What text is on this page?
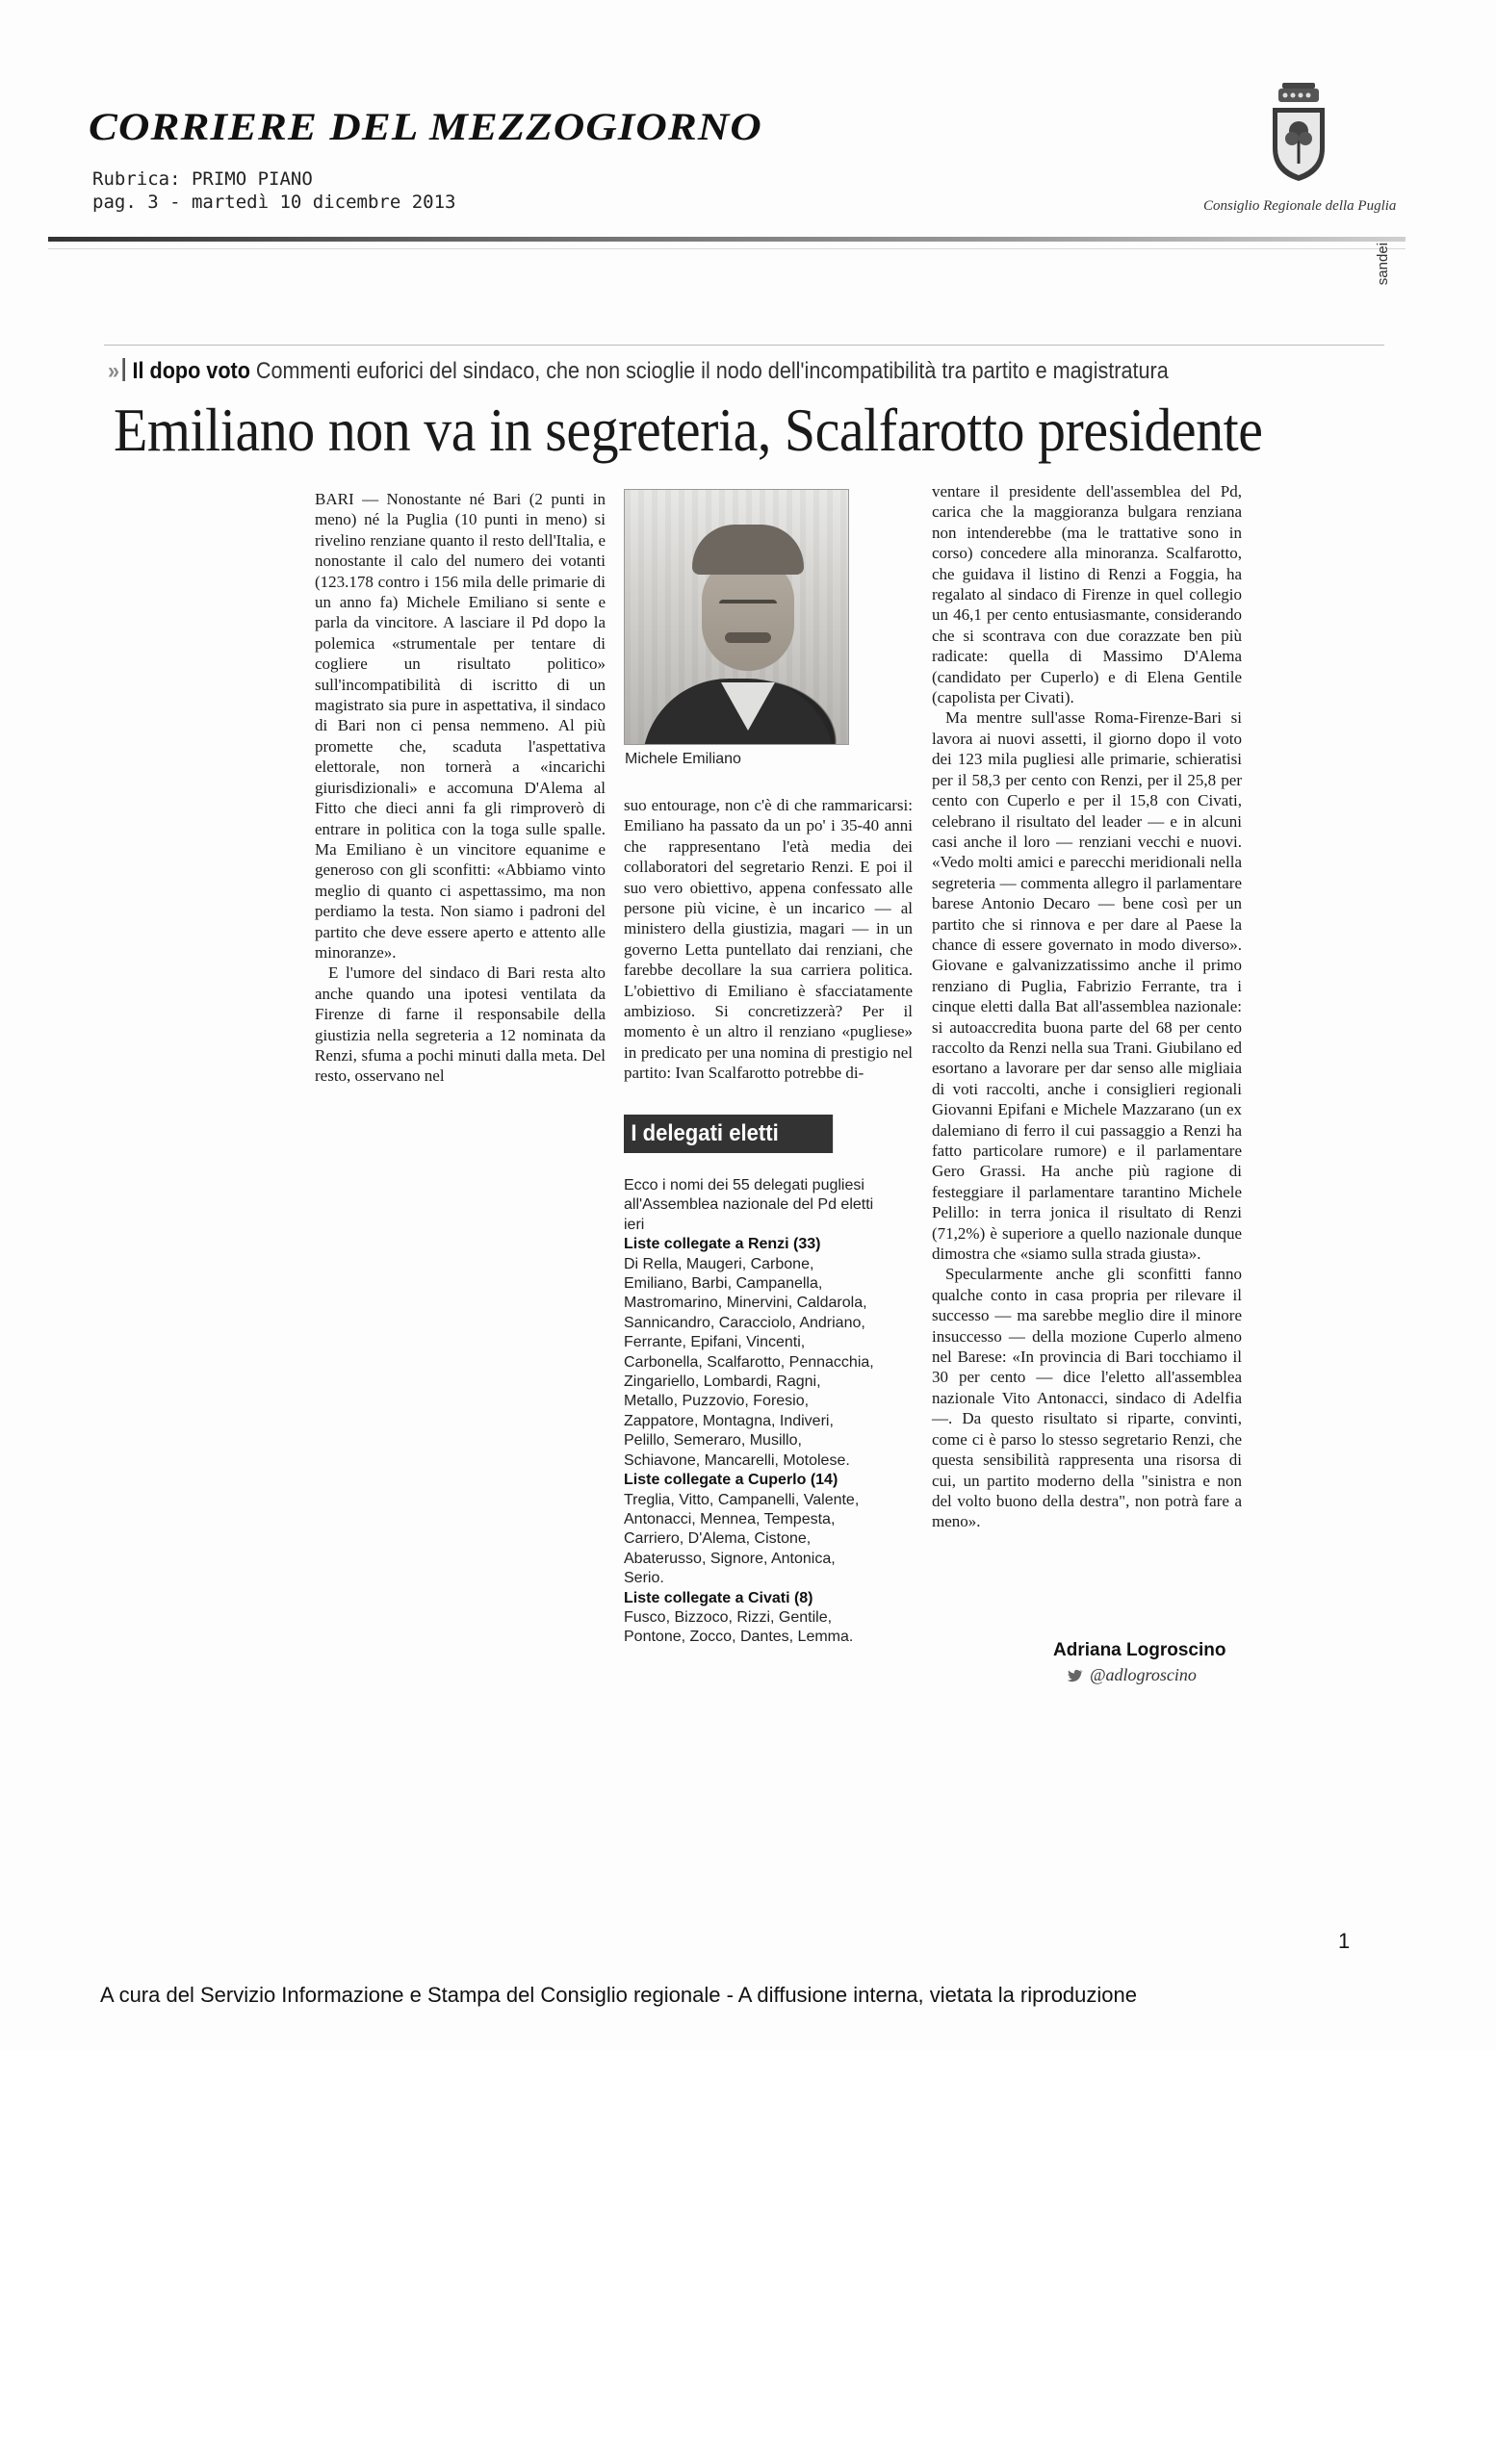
CORRIERE DEL MEZZOGIORNO
Rubrica: PRIMO PIANO
pag. 3 - martedì 10 dicembre 2013	Consiglio Regionale della Puglia
sandei
» Il dopo voto Commenti euforici del sindaco, che non scioglie il nodo dell'incompatibilità tra partito e magistratura
Emiliano non va in segreteria, Scalfarotto presidente

BARI — Nonostante né Bari (2 punti in meno) né la Puglia (10 punti in meno) si rivelino renziane quanto il resto dell'Italia, e nonostante il calo del numero dei votanti (123.178 contro i 156 mila delle primarie di un anno fa) Michele Emiliano si sente e parla da vincitore. A lasciare il Pd dopo la polemica «strumentale per tentare di cogliere un risultato politico» sull'incompatibilità di iscritto di un magistrato sia pure in aspettativa, il sindaco di Bari non ci pensa nemmeno. Al più promette che, scaduta l'aspettativa elettorale, non tornerà a «incarichi giurisdizionali» e accomuna D'Alema al Fitto che dieci anni fa gli rimproverò di entrare in politica con la toga sulle spalle. Ma Emiliano è un vincitore equanime e generoso con gli sconfitti: «Abbiamo vinto meglio di quanto ci aspettassimo, ma non perdiamo la testa. Non siamo i padroni del partito che deve essere aperto e attento alle minoranze».

E l'umore del sindaco di Bari resta alto anche quando una ipotesi ventilata da Firenze di farne il responsabile della giustizia nella segreteria a 12 nominata da Renzi, sfuma a pochi minuti dalla meta. Del resto, osservano nel

Michele Emiliano

suo entourage, non c'è di che rammaricarsi: Emiliano ha passato da un po' i 35-40 anni che rappresentano l'età media dei collaboratori del segretario Renzi. E poi il suo vero obiettivo, appena confessato alle persone più vicine, è un incarico — al ministero della giustizia, magari — in un governo Letta puntellato dai renziani, che farebbe decollare la sua carriera politica. L'obiettivo di Emiliano è sfacciatamente ambizioso. Si concretizzerà? Per il momento è un altro il renziano «pugliese» in predicato per una nomina di prestigio nel partito: Ivan Scalfarotto potrebbe di-

I delegati eletti

Ecco i nomi dei 55 delegati pugliesi all'Assemblea nazionale del Pd eletti ieri

Liste collegate a Renzi (33)
Di Rella, Maugeri, Carbone, Emiliano, Barbi, Campanella, Mastromarino, Minervini, Caldarola, Sannicandro, Caracciolo, Andriano, Ferrante, Epifani, Vincenti, Carbonella, Scalfarotto, Pennacchia, Zingariello, Lombardi, Ragni, Metallo, Puzzovio, Foresio, Zappatore, Montagna, Indiveri, Pelillo, Semeraro, Musillo, Schiavone, Mancarelli, Motolese.

Liste collegate a Cuperlo (14)
Treglia, Vitto, Campanelli, Valente, Antonacci, Mennea, Tempesta, Carriero, D'Alema, Cistone, Abaterusso, Signore, Antonica, Serio.

Liste collegate a Civati (8)
Fusco, Bizzoco, Rizzi, Gentile, Pontone, Zocco, Dantes, Lemma.

ventare il presidente dell'assemblea del Pd, carica che la maggioranza bulgara renziana non intenderebbe (ma le trattative sono in corso) concedere alla minoranza. Scalfarotto, che guidava il listino di Renzi a Foggia, ha regalato al sindaco di Firenze in quel collegio un 46,1 per cento entusiasmante, considerando che si scontrava con due corazzate ben più radicate: quella di Massimo D'Alema (candidato per Cuperlo) e di Elena Gentile (capolista per Civati).

Ma mentre sull'asse Roma-Firenze-Bari si lavora ai nuovi assetti, il giorno dopo il voto dei 123 mila pugliesi alle primarie, schieratisi per il 58,3 per cento con Renzi, per il 25,8 per cento con Cuperlo e per il 15,8 con Civati, celebrano il risultato del leader — e in alcuni casi anche il loro — renziani vecchi e nuovi. «Vedo molti amici e parecchi meridionali nella segreteria — commenta allegro il parlamentare barese Antonio Decaro — bene così per un partito che si rinnova e per dare al Paese la chance di essere governato in modo diverso». Giovane e galvanizzatissimo anche il primo renziano di Puglia, Fabrizio Ferrante, tra i cinque eletti dalla Bat all'assemblea nazionale: si autoaccredita buona parte del 68 per cento raccolto da Renzi nella sua Trani. Giubilano ed esortano a lavorare per dar senso alle migliaia di voti raccolti, anche i consiglieri regionali Giovanni Epifani e Michele Mazzarano (un ex dalemiano di ferro il cui passaggio a Renzi ha fatto particolare rumore) e il parlamentare Gero Grassi. Ha anche più ragione di festeggiare il parlamentare tarantino Michele Pelillo: in terra jonica il risultato di Renzi (71,2%) è superiore a quello nazionale dunque dimostra che «siamo sulla strada giusta».

Specularmente anche gli sconfitti fanno qualche conto in casa propria per rilevare il successo — ma sarebbe meglio dire il minore insuccesso — della mozione Cuperlo almeno nel Barese: «In provincia di Bari tocchiamo il 30 per cento — dice l'eletto all'assemblea nazionale Vito Antonacci, sindaco di Adelfia —. Da questo risultato si riparte, convinti, come ci è parso lo stesso segretario Renzi, che questa sensibilità rappresenta una risorsa di cui, un partito moderno della "sinistra e non del volto buono della destra", non potrà fare a meno».

Adriana Logroscino
@adlogroscino
1
A cura del Servizio Informazione e Stampa del Consiglio regionale - A diffusione interna, vietata la riproduzione
